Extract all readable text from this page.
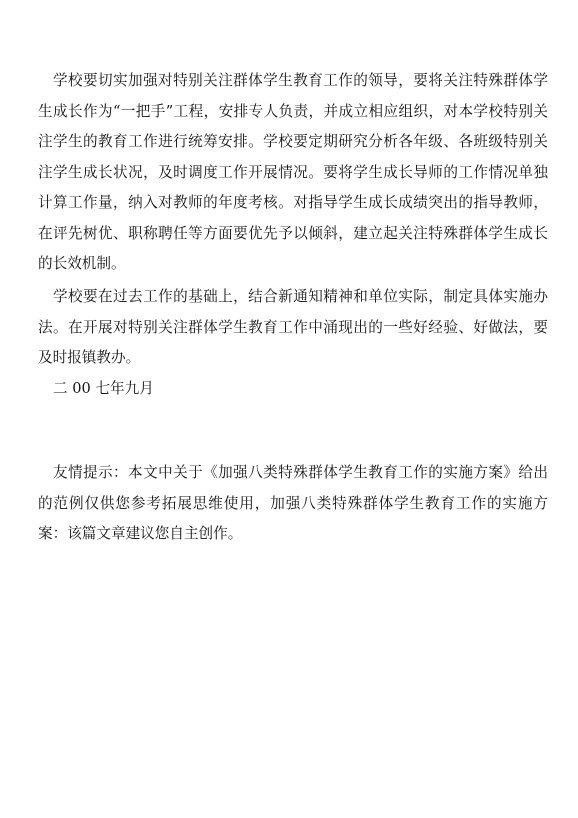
学校要切实加强对特别关注群体学生教育工作的领导，要将关注特殊群体学生成长作为“一把手”工程，安排专人负责，并成立相应组织，对本学校特别关注学生的教育工作进行统筹安排。学校要定期研究分析各年级、各班级特别关注学生成长状况，及时调度工作开展情况。要将学生成长导师的工作情况单独计算工作量，纳入对教师的年度考核。对指导学生成长成绩突出的指导教师，在评先树优、职称聘任等方面要优先予以倾斜，建立起关注特殊群体学生成长的长效机制。

学校要在过去工作的基础上，结合新通知精神和单位实际，制定具体实施办法。在开展对特别关注群体学生教育工作中涌现出的一些好经验、好做法，要及时报镇教办。

二 00 七年九月

友情提示：本文中关于《加强八类特殊群体学生教育工作的实施方案》给出的范例仅供您参考拓展思维使用，加强八类特殊群体学生教育工作的实施方案：该篇文章建议您自主创作。
